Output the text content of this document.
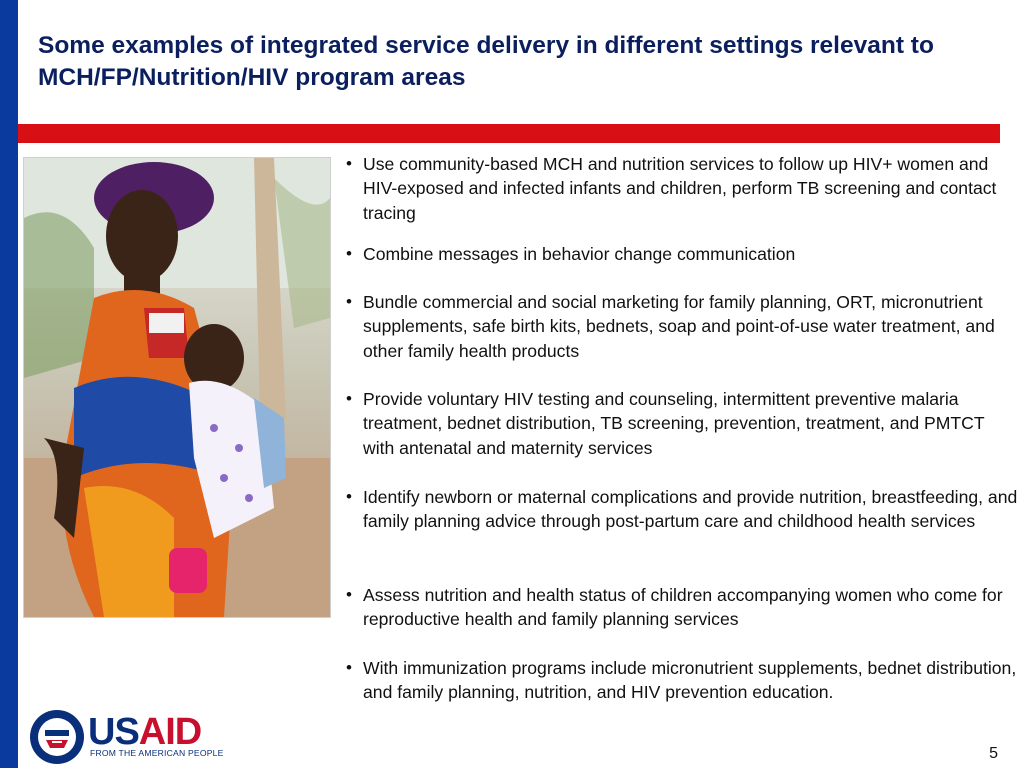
Some examples of integrated service delivery in different settings relevant to MCH/FP/Nutrition/HIV program areas
• Use community-based MCH and nutrition services to follow up HIV+ women and HIV-exposed and infected infants and children, perform TB screening and contact tracing
• Combine messages in behavior change communication
• Bundle commercial and social marketing for family planning, ORT, micronutrient supplements, safe birth kits, bednets, soap and point-of-use water treatment, and other family health products
• Provide voluntary HIV testing and counseling, intermittent preventive malaria treatment, bednet distribution, TB screening, prevention, treatment, and PMTCT with antenatal and maternity services
• Identify newborn or maternal complications and provide nutrition, breastfeeding, and family planning advice through post-partum care and childhood health services
• Assess nutrition and health status of children accompanying women who come for reproductive health and family planning services
• With immunization programs include micronutrient supplements, bednet distribution, and family planning, nutrition, and HIV prevention education.
USAID
FROM THE AMERICAN PEOPLE	5
